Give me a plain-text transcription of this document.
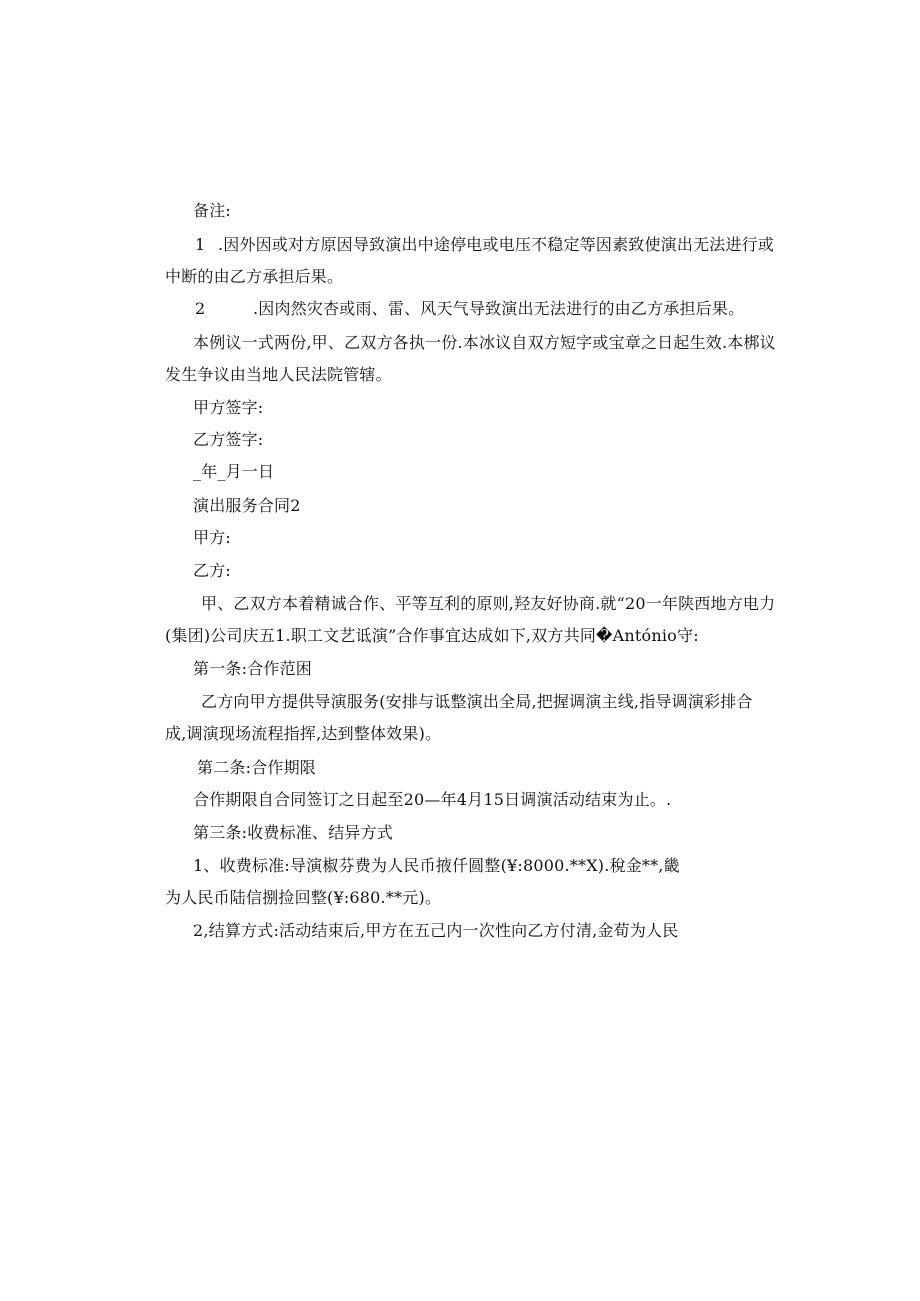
备注:
1 .因外因或对方原因导致演出中途停电或电压不稳定等因素致使演出无法进行或
中断的由乙方承担后果。
2	.因肉然灾杏或雨、雷、风天气导致演出无法进行的由乙方承担后果。
本例议一式两份,甲、乙双方各执一份.本冰议自双方短字或宝章之日起生效.本梆议
发生争议由当地人民法院管辖。
甲方签字:
乙方签字:
_年_月一日
演出服务合同2
甲方:
乙方:
甲、乙双方本着精诚合作、平等互利的原则,羟友好协商.就“20一年陕西地方电力
(集团)公司庆五1.职工文艺诋演”合作事宜达成如下,双方共同�António守:
第一条:合作范困
乙方向甲方提供导演服务(安排与诋整演出全局,把握调演主线,指导调演彩排合
成,调演现场流程指挥,达到整体效果)。
第二条:合作期限
合作期限自合同签订之日起至20—年4月15日调演活动结束为止。.
第三条:收费标准、结异方式
1、收费标准:导演椒芬费为人民币掖仟圆整(¥:8000.**X).稅金**,畿
为人民币陆信捌捡回整(¥:680.**元)。
2,结算方式:活动结束后,甲方在五己内一次性向乙方付清,金荀为人民
